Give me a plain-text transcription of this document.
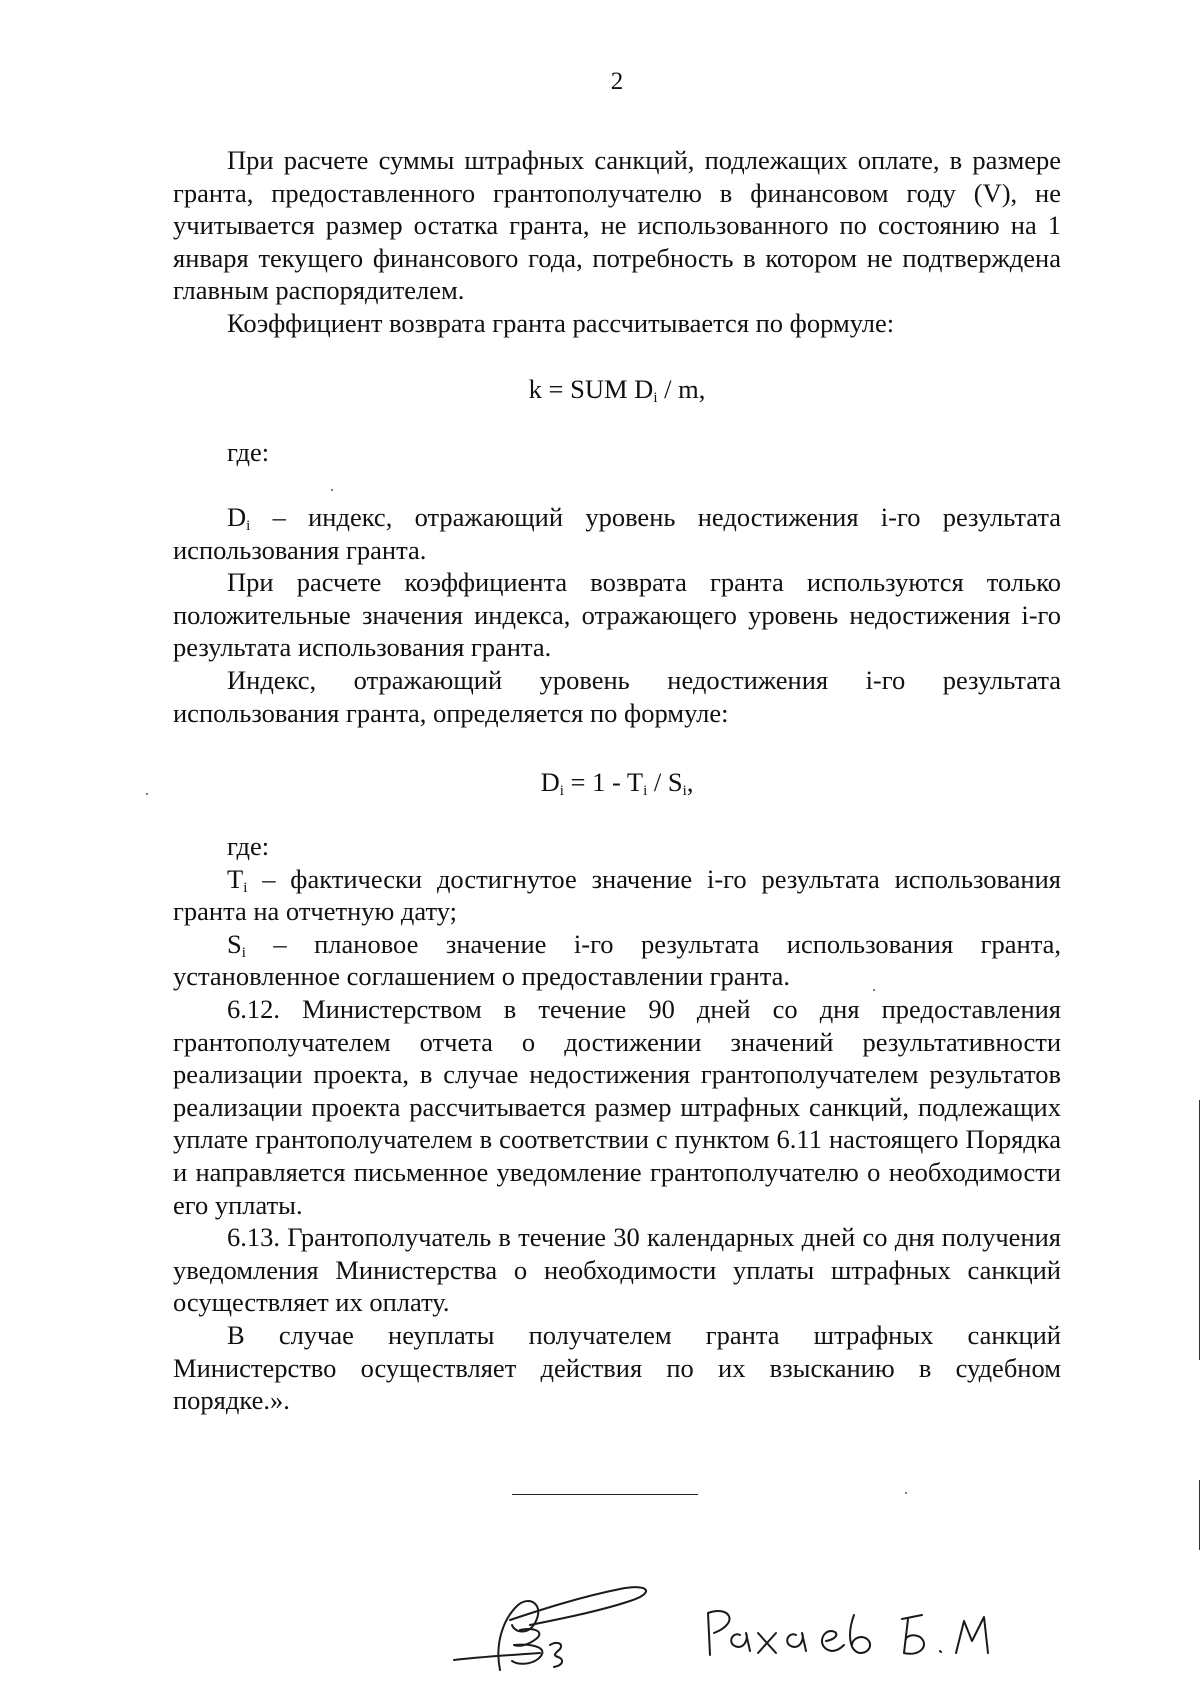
2

При расчете суммы штрафных санкций, подлежащих оплате, в размере гранта, предоставленного грантополучателю в финансовом году (V), не учитывается размер остатка гранта, не использованного по состоянию на 1 января текущего финансового года, потребность в котором не подтверждена главным распорядителем.

Коэффициент возврата гранта рассчитывается по формуле:

k = SUM $D_i$ / m,

где:

$D_i$ – индекс, отражающий уровень недостижения i-го результата использования гранта.

При расчете коэффициента возврата гранта используются только положительные значения индекса, отражающего уровень недостижения i-го результата использования гранта.

Индекс, отражающий уровень недостижения i-го результата использования гранта, определяется по формуле:

$D_i = 1 - T_i / S_i$,

где:

$T_i$ – фактически достигнутое значение i-го результата использования гранта на отчетную дату;

$S_i$ – плановое значение i-го результата использования гранта, установленное соглашением о предоставлении гранта.

6.12. Министерством в течение 90 дней со дня предоставления грантополучателем отчета о достижении значений результативности реализации проекта, в случае недостижения грантополучателем результатов реализации проекта рассчитывается размер штрафных санкций, подлежащих уплате грантополучателем в соответствии с пунктом 6.11 настоящего Порядка и направляется письменное уведомление грантополучателю о необходимости его уплаты.

6.13. Грантополучатель в течение 30 календарных дней со дня получения уведомления Министерства о необходимости уплаты штрафных санкций осуществляет их оплату.

В случае неуплаты получателем гранта штрафных санкций Министерство осуществляет действия по их взысканию в судебном порядке.».
